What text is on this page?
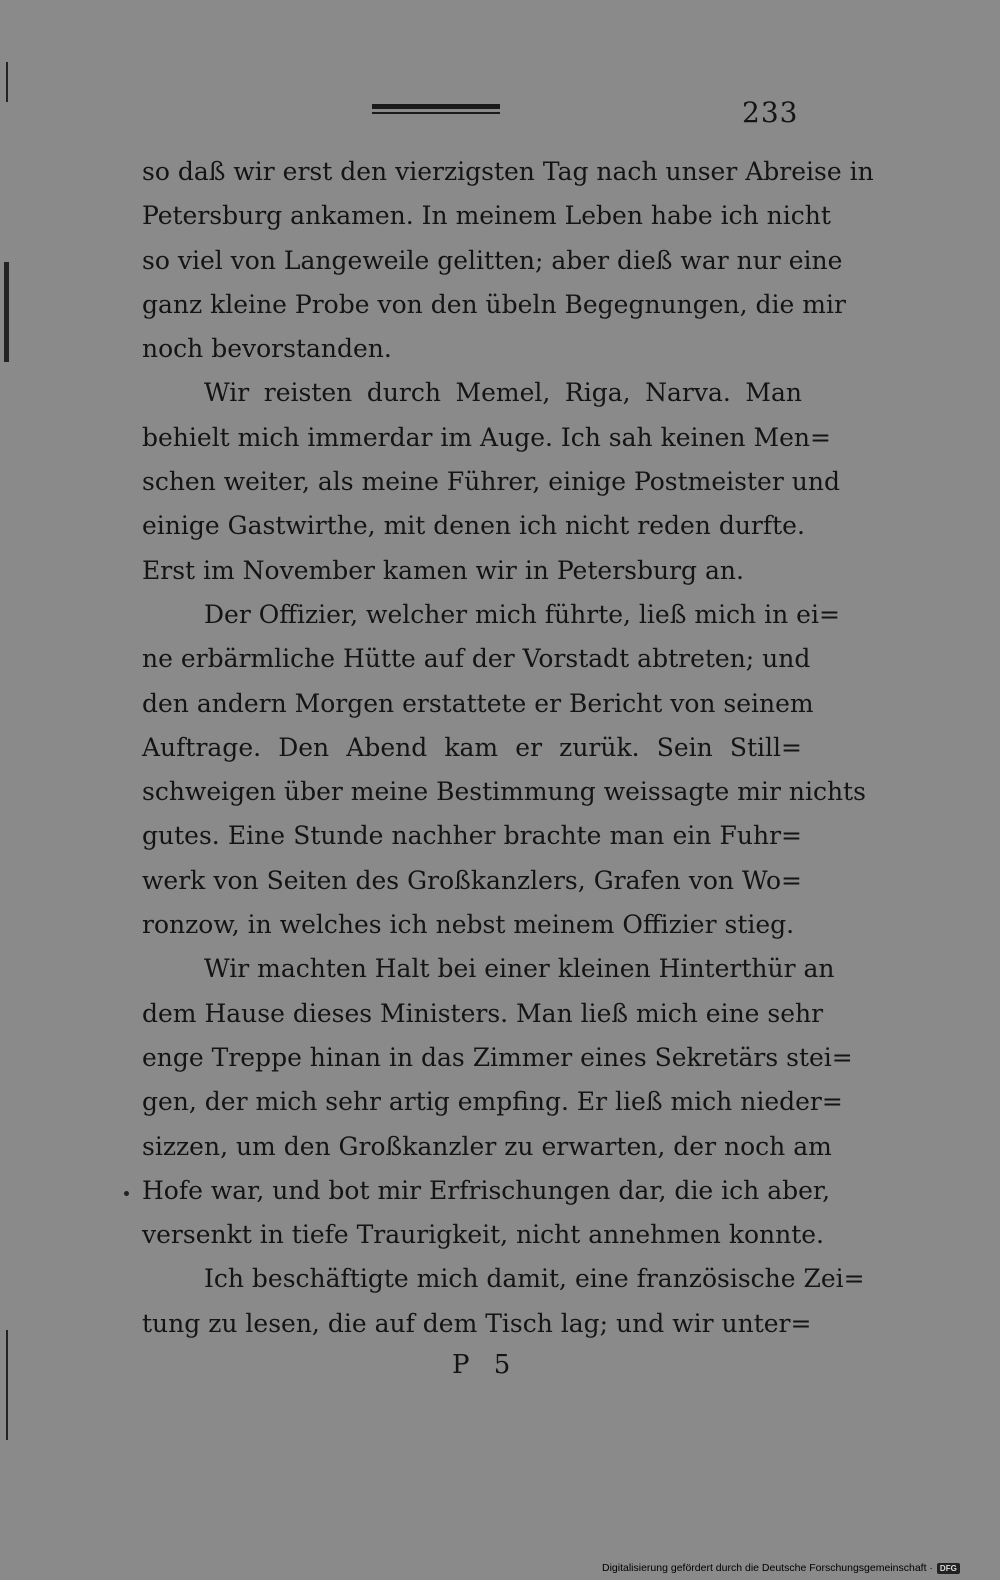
233
so daß wir erst den vierzigsten Tag nach unser Abreise in
Petersburg ankamen. In meinem Leben habe ich nicht
so viel von Langeweile gelitten; aber dieß war nur eine
ganz kleine Probe von den übeln Begegnungen, die mir
noch bevorstanden.
Wir reisten durch Memel, Riga, Narva. Man
behielt mich immerdar im Auge. Ich sah keinen Men=
schen weiter, als meine Führer, einige Postmeister und
einige Gastwirthe, mit denen ich nicht reden durfte.
Erst im November kamen wir in Petersburg an.
Der Offizier, welcher mich führte, ließ mich in ei=
ne erbärmliche Hütte auf der Vorstadt abtreten; und
den andern Morgen erstattete er Bericht von seinem
Auftrage. Den Abend kam er zurük. Sein Still=
schweigen über meine Bestimmung weissagte mir nichts
gutes. Eine Stunde nachher brachte man ein Fuhr=
werk von Seiten des Großkanzlers, Grafen von Wo=
ronzow, in welches ich nebst meinem Offizier stieg.
Wir machten Halt bei einer kleinen Hinterthür an
dem Hause dieses Ministers. Man ließ mich eine sehr
enge Treppe hinan in das Zimmer eines Sekretärs stei=
gen, der mich sehr artig empfing. Er ließ mich nieder=
sizzen, um den Großkanzler zu erwarten, der noch am
Hofe war, und bot mir Erfrischungen dar, die ich aber,
versenkt in tiefe Traurigkeit, nicht annehmen konnte.
Ich beschäftigte mich damit, eine französische Zei=
tung zu lesen, die auf dem Tisch lag; und wir unter=
P 5
Digitalisierung gefördert durch die Deutsche Forschungsgemeinschaft · DFG
